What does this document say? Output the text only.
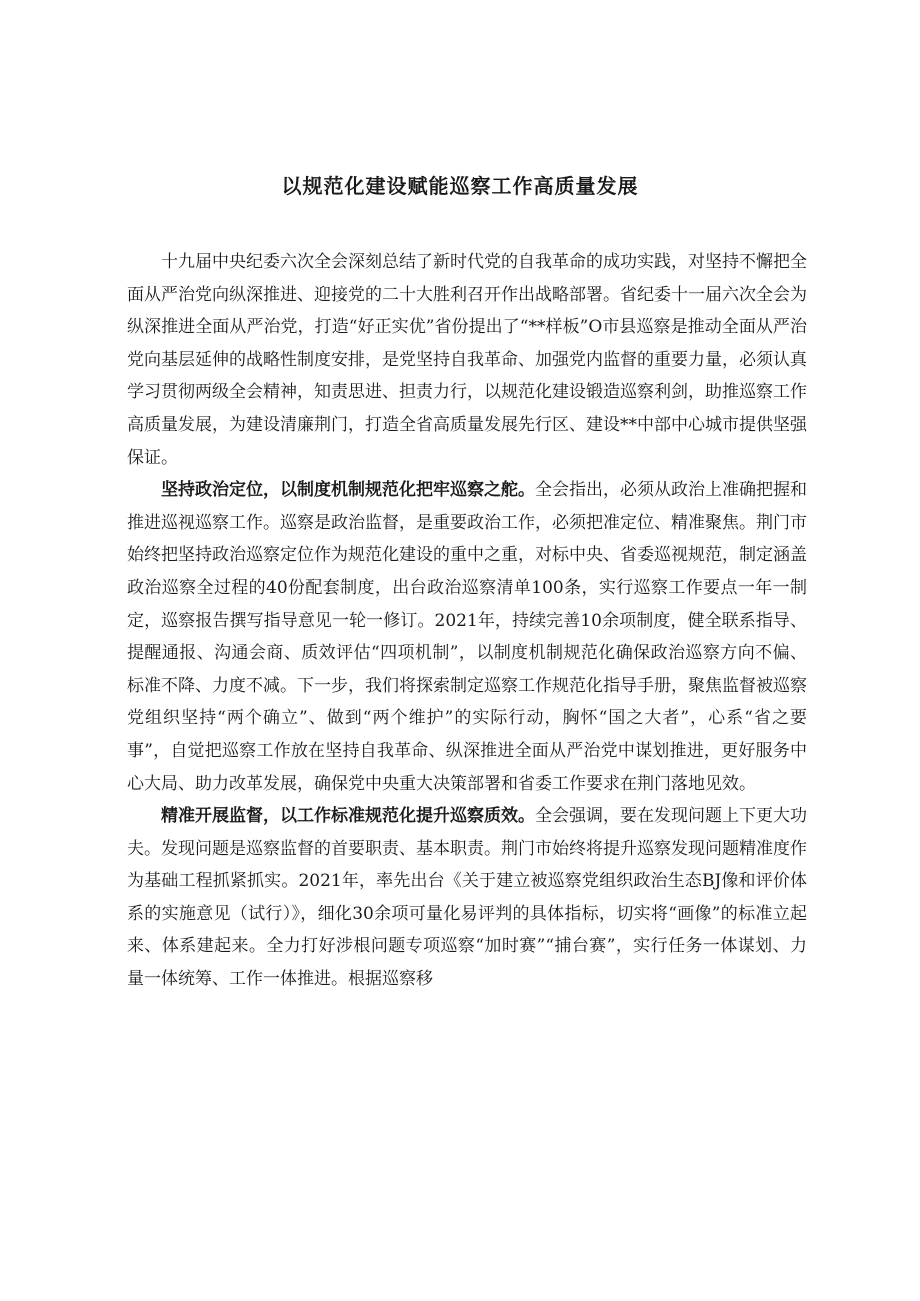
以规范化建设赋能巡察工作高质量发展

十九届中央纪委六次全会深刻总结了新时代党的自我革命的成功实践，对坚持不懈把全面从严治党向纵深推进、迎接党的二十大胜利召开作出战略部署。省纪委十一届六次全会为纵深推进全面从严治党，打造“好正实优”省份提出了“**样板”O市县巡察是推动全面从严治党向基层延伸的战略性制度安排，是党坚持自我革命、加强党内监督的重要力量，必须认真学习贯彻两级全会精神，知责思进、担责力行，以规范化建设锻造巡察利剑，助推巡察工作高质量发展，为建设清廉荆门，打造全省高质量发展先行区、建设**中部中心城市提供坚强保证。

坚持政治定位，以制度机制规范化把牢巡察之舵。全会指出，必须从政治上准确把握和推进巡视巡察工作。巡察是政治监督，是重要政治工作，必须把准定位、精准聚焦。荆门市始终把坚持政治巡察定位作为规范化建设的重中之重，对标中央、省委巡视规范，制定涵盖政治巡察全过程的40份配套制度，出台政治巡察清单100条，实行巡察工作要点一年一制定，巡察报告撰写指导意见一轮一修订。2021年，持续完善10余项制度，健全联系指导、提醒通报、沟通会商、质效评估“四项机制”，以制度机制规范化确保政治巡察方向不偏、标准不降、力度不减。下一步，我们将探索制定巡察工作规范化指导手册，聚焦监督被巡察党组织坚持“两个确立”、做到“两个维护”的实际行动，胸怀“国之大者”，心系“省之要事”，自觉把巡察工作放在坚持自我革命、纵深推进全面从严治党中谋划推进，更好服务中心大局、助力改革发展，确保党中央重大决策部署和省委工作要求在荆门落地见效。

精准开展监督，以工作标准规范化提升巡察质效。全会强调，要在发现问题上下更大功夫。发现问题是巡察监督的首要职责、基本职责。荆门市始终将提升巡察发现问题精准度作为基础工程抓紧抓实。2021年，率先出台《关于建立被巡察党组织政治生态BJ像和评价体系的实施意见（试行）》，细化30余项可量化易评判的具体指标，切实将“画像”的标准立起来、体系建起来。全力打好涉根问题专项巡察“加时赛”“捕台赛”，实行任务一体谋划、力量一体统筹、工作一体推进。根据巡察移
